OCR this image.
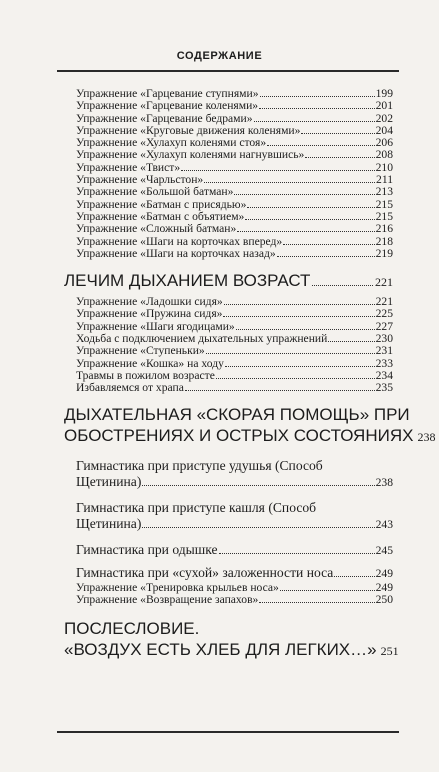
СОДЕРЖАНИЕ
Упражнение «Гарцевание ступнями»	199
Упражнение «Гарцевание коленями»	201
Упражнение «Гарцевание бедрами»	202
Упражнение «Круговые движения коленями»	204
Упражнение «Хулахуп коленями стоя»	206
Упражнение «Хулахуп коленями нагнувшись»	208
Упражнение «Твист»	210
Упражнение «Чарльстон»	211
Упражнение «Большой батман»	213
Упражнение «Батман с присядью»	215
Упражнение «Батман с объятием»	215
Упражнение «Сложный батман»	216
Упражнение «Шаги на корточках вперед»	218
Упражнение «Шаги на корточках назад»	219
ЛЕЧИМ ДЫХАНИЕМ ВОЗРАСТ	221
Упражнение «Ладошки сидя»	221
Упражнение «Пружина сидя»	225
Упражнение «Шаги ягодицами»	227
Ходьба с подключением дыхательных упражнений	230
Упражнение «Ступеньки»	231
Упражнение «Кошка» на ходу	233
Травмы в пожилом возрасте	234
Избавляемся от храпа	235
ДЫХАТЕЛЬНАЯ «СКОРАЯ ПОМОЩЬ» ПРИ
ОБОСТРЕНИЯХ И ОСТРЫХ СОСТОЯНИЯХ 238
Гимнастика при приступе удушья (Способ
Щетинина)	238
Гимнастика при приступе кашля (Способ
Щетинина)	243
Гимнастика при одышке	245
Гимнастика при «сухой» заложенности носа	249
Упражнение «Тренировка крыльев носа»	249
Упражнение «Возвращение запахов»	250
ПОСЛЕСЛОВИЕ.
«ВОЗДУХ ЕСТЬ ХЛЕБ ДЛЯ ЛЕГКИХ…» 251
